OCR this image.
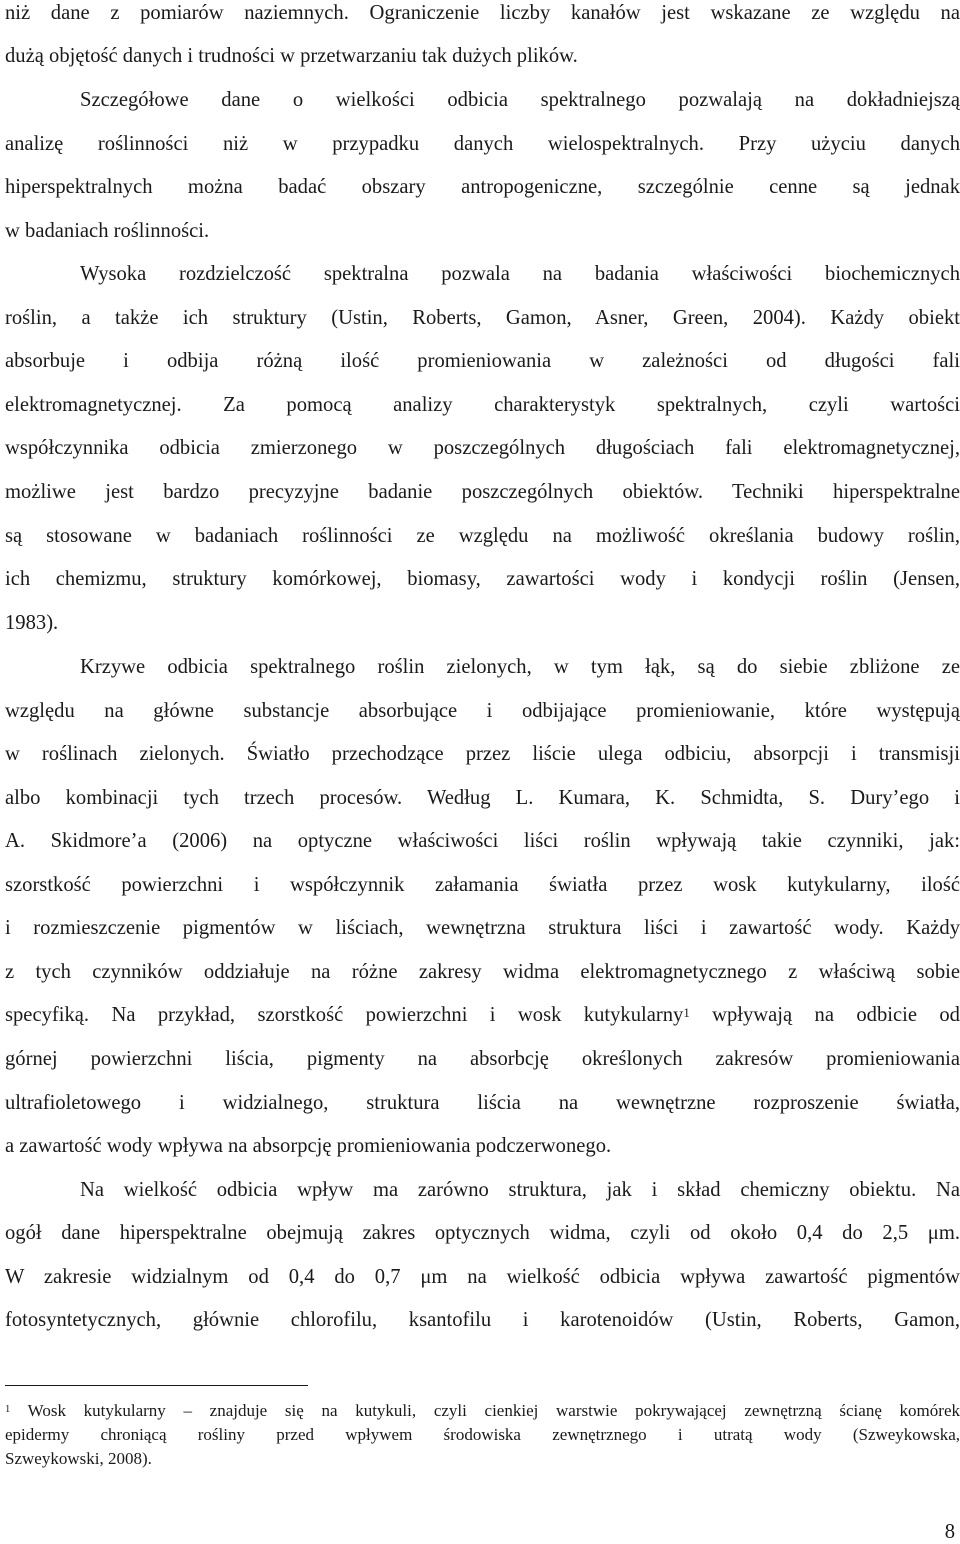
niż dane z pomiarów naziemnych. Ograniczenie liczby kanałów jest wskazane ze względu na
dużą objętość danych i trudności w przetwarzaniu tak dużych plików.
Szczegółowe dane o wielkości odbicia spektralnego pozwalają na dokładniejszą
analizę roślinności niż w przypadku danych wielospektralnych. Przy użyciu danych
hiperspektralnych można badać obszary antropogeniczne, szczególnie cenne są jednak
w badaniach roślinności.
Wysoka rozdzielczość spektralna pozwala na badania właściwości biochemicznych
roślin, a także ich struktury (Ustin, Roberts, Gamon, Asner, Green, 2004). Każdy obiekt
absorbuje i odbija różną ilość promieniowania w zależności od długości fali
elektromagnetycznej. Za pomocą analizy charakterystyk spektralnych, czyli wartości
współczynnika odbicia zmierzonego w poszczególnych długościach fali elektromagnetycznej,
możliwe jest bardzo precyzyjne badanie poszczególnych obiektów. Techniki hiperspektralne
są stosowane w badaniach roślinności ze względu na możliwość określania budowy roślin,
ich chemizmu, struktury komórkowej, biomasy, zawartości wody i kondycji roślin (Jensen,
1983).
Krzywe odbicia spektralnego roślin zielonych, w tym łąk, są do siebie zbliżone ze
względu na główne substancje absorbujące i odbijające promieniowanie, które występują
w roślinach zielonych. Światło przechodzące przez liście ulega odbiciu, absorpcji i transmisji
albo kombinacji tych trzech procesów. Według L. Kumara, K. Schmidta, S. Dury’ego i
A. Skidmore’a (2006) na optyczne właściwości liści roślin wpływają takie czynniki, jak:
szorstkość powierzchni i współczynnik załamania światła przez wosk kutykularny, ilość
i rozmieszczenie pigmentów w liściach, wewnętrzna struktura liści i zawartość wody. Każdy
z tych czynników oddziałuje na różne zakresy widma elektromagnetycznego z właściwą sobie
specyfiką. Na przykład, szorstkość powierzchni i wosk kutykularny$^1$ wpływają na odbicie od
górnej powierzchni liścia, pigmenty na absorbcję określonych zakresów promieniowania
ultrafioletowego i widzialnego, struktura liścia na wewnętrzne rozproszenie światła,
a zawartość wody wpływa na absorpcję promieniowania podczerwonego.
Na wielkość odbicia wpływ ma zarówno struktura, jak i skład chemiczny obiektu. Na
ogół dane hiperspektralne obejmują zakres optycznych widma, czyli od około 0,4 do 2,5 μm.
W zakresie widzialnym od 0,4 do 0,7 μm na wielkość odbicia wpływa zawartość pigmentów
fotosyntetycznych, głównie chlorofilu, ksantofilu i karotenoidów (Ustin, Roberts, Gamon,
$^1$ Wosk kutykularny – znajduje się na kutykuli, czyli cienkiej warstwie pokrywającej zewnętrzną ścianę komórek
epidermy chroniącą rośliny przed wpływem środowiska zewnętrznego i utratą wody (Szweykowska,
Szweykowski, 2008).
8
